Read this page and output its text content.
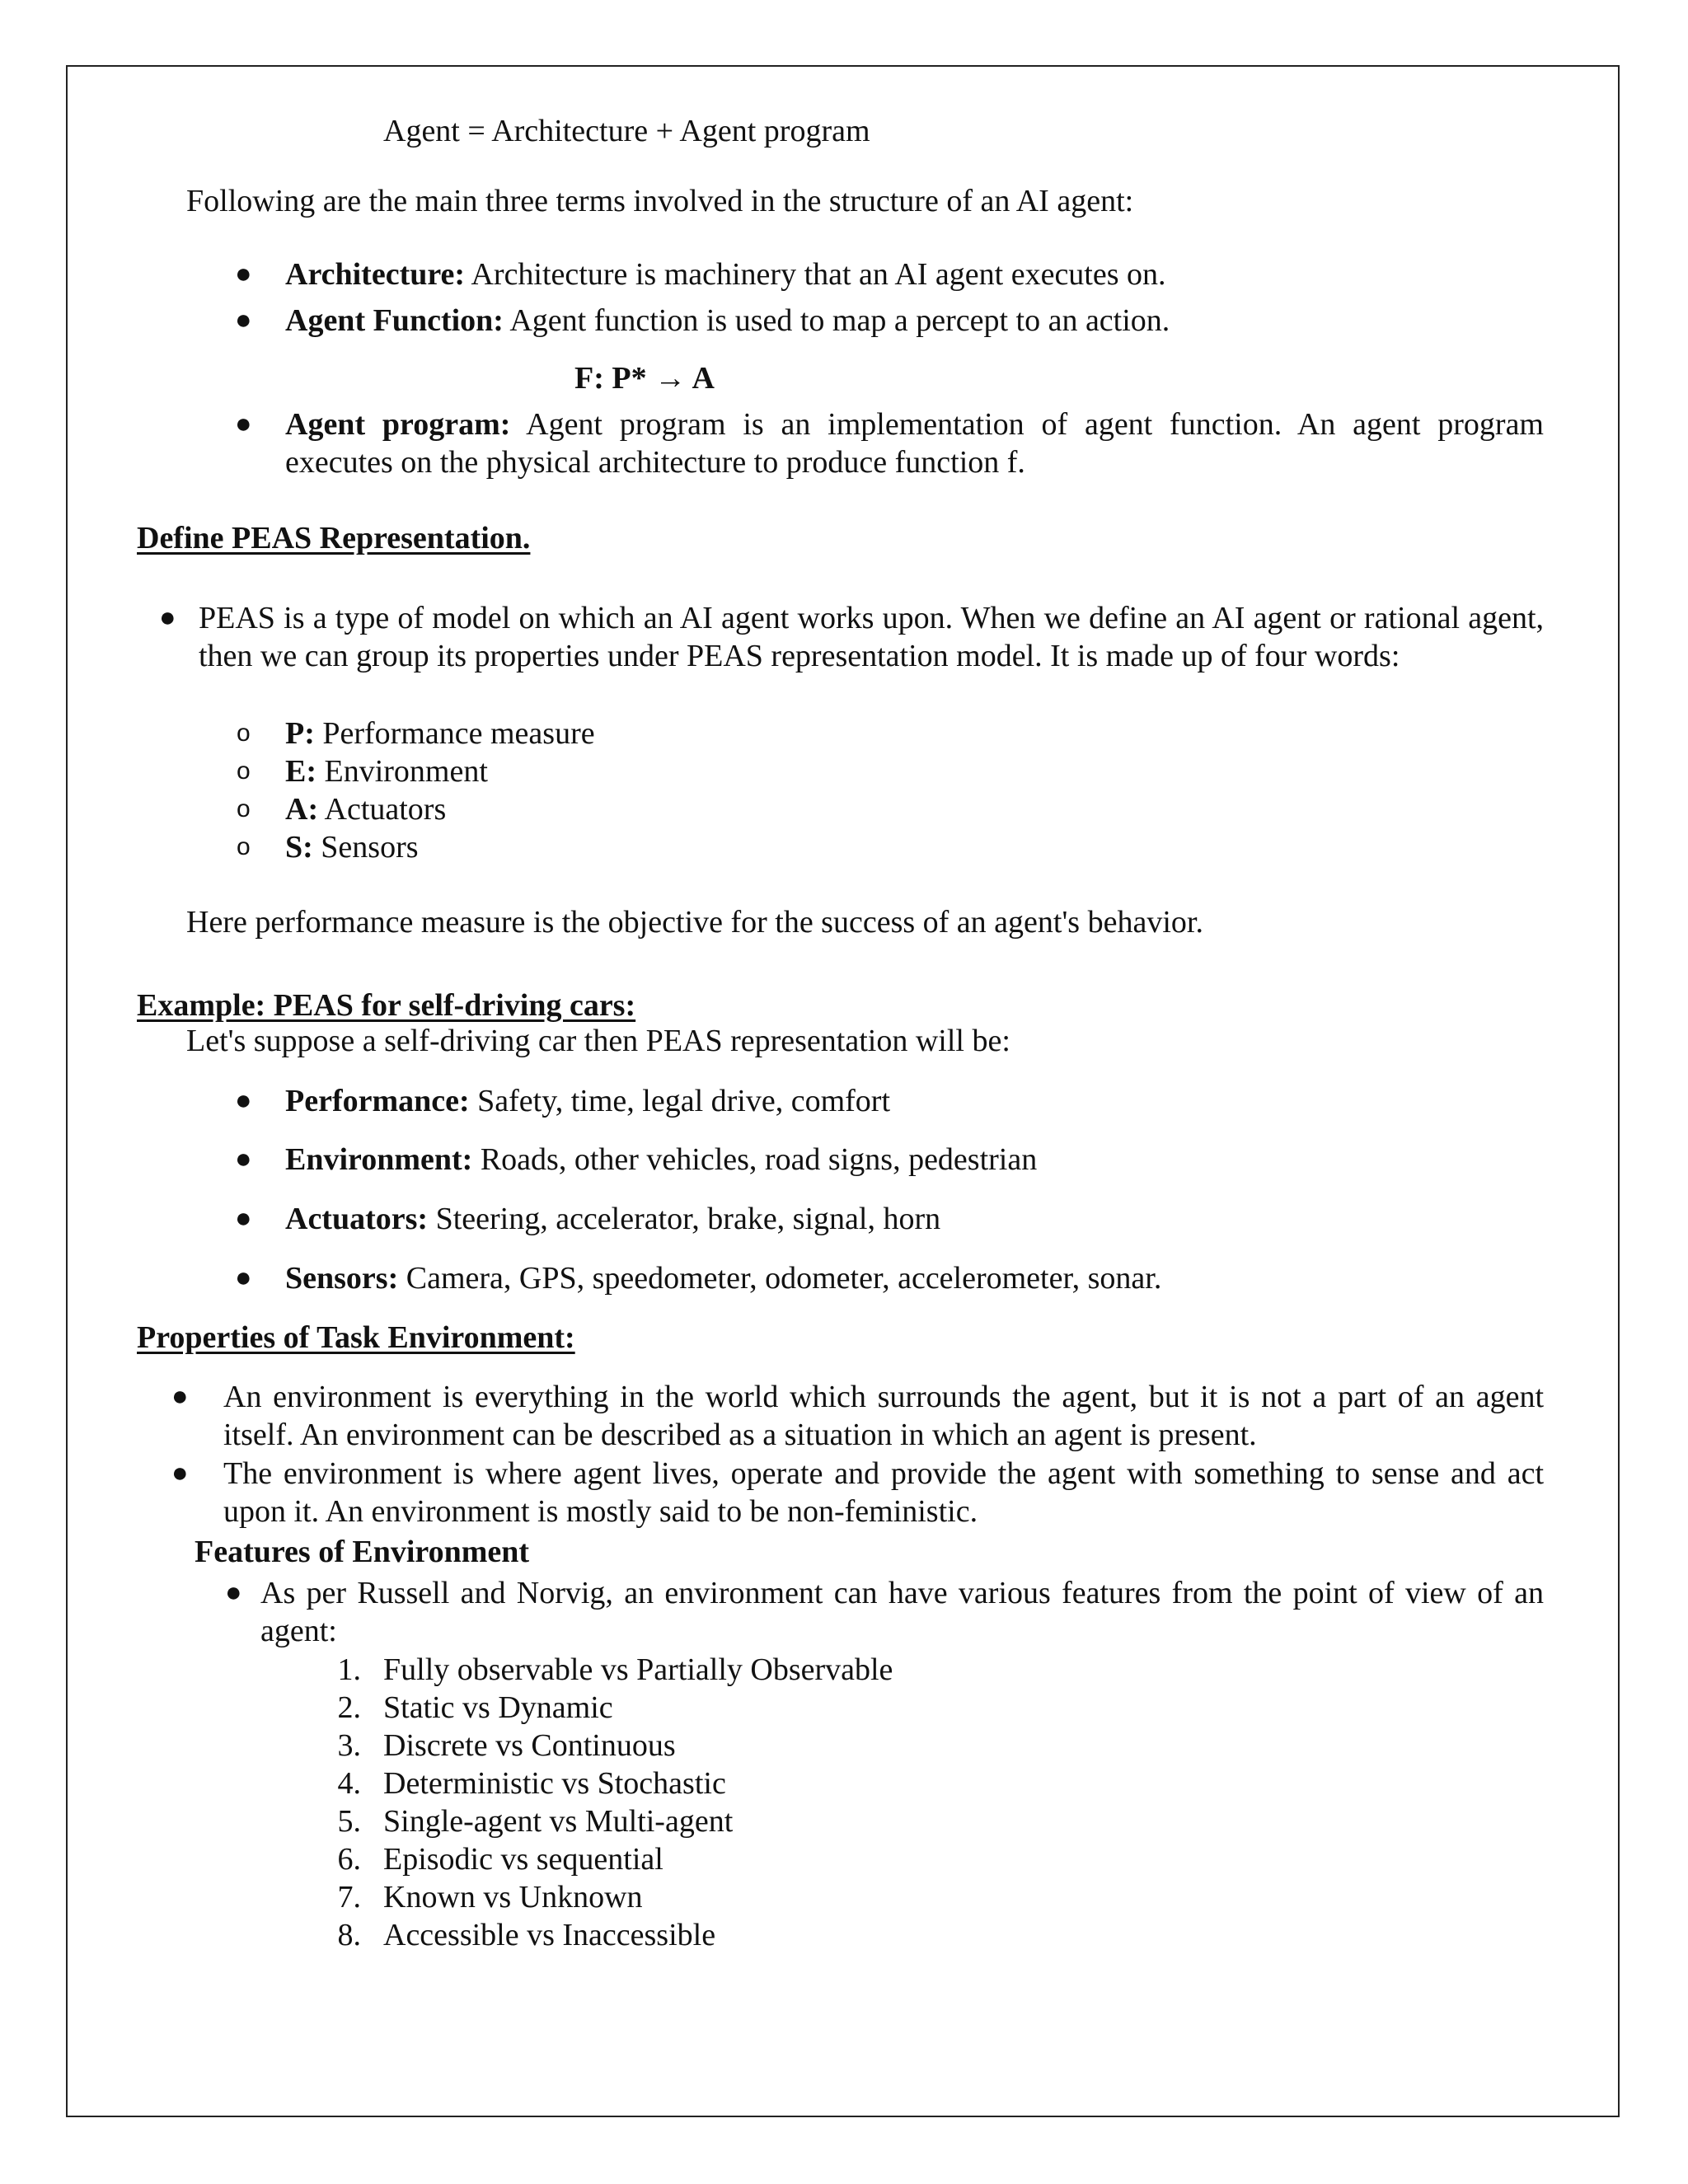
Agent = Architecture + Agent program
Following are the main three terms involved in the structure of an AI agent:
● Architecture: Architecture is machinery that an AI agent executes on.
● Agent Function: Agent function is used to map a percept to an action.
F: P* → A
● Agent program: Agent program is an implementation of agent function. An agent program executes on the physical architecture to produce function f.
Define PEAS Representation.
● PEAS is a type of model on which an AI agent works upon. When we define an AI agent or rational agent, then we can group its properties under PEAS representation model. It is made up of four words:
o P: Performance measure
o E: Environment
o A: Actuators
o S: Sensors
Here performance measure is the objective for the success of an agent's behavior.
Example: PEAS for self-driving cars:
Let's suppose a self-driving car then PEAS representation will be:
● Performance: Safety, time, legal drive, comfort
● Environment: Roads, other vehicles, road signs, pedestrian
● Actuators: Steering, accelerator, brake, signal, horn
● Sensors: Camera, GPS, speedometer, odometer, accelerometer, sonar.
Properties of Task Environment:
● An environment is everything in the world which surrounds the agent, but it is not a part of an agent itself. An environment can be described as a situation in which an agent is present.
● The environment is where agent lives, operate and provide the agent with something to sense and act upon it. An environment is mostly said to be non-feministic.
Features of Environment
● As per Russell and Norvig, an environment can have various features from the point of view of an agent:
1. Fully observable vs Partially Observable
2. Static vs Dynamic
3. Discrete vs Continuous
4. Deterministic vs Stochastic
5. Single-agent vs Multi-agent
6. Episodic vs sequential
7. Known vs Unknown
8. Accessible vs Inaccessible
